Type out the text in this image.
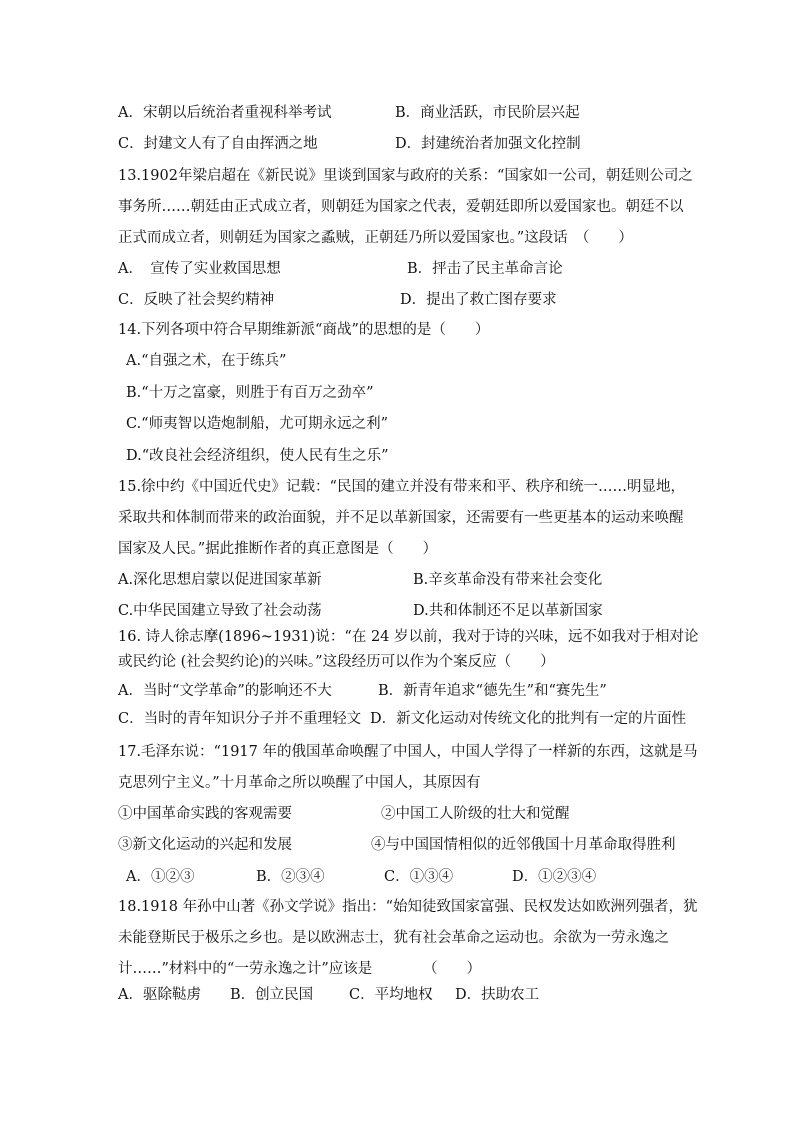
A．宋朝以后统治者重视科举考试	B．商业活跃，市民阶层兴起
C．封建文人有了自由挥洒之地	D．封建统治者加强文化控制
13.1902年梁启超在《新民说》里谈到国家与政府的关系：“国家如一公司，朝廷则公司之
事务所……朝廷由正式成立者，则朝廷为国家之代表，爱朝廷即所以爱国家也。朝廷不以
正式而成立者，则朝廷为国家之蟊贼，正朝廷乃所以爱国家也。”这段话　（　　）
A．　宣传了实业救国思想	B．抨击了民主革命言论
C．反映了社会契约精神	D．提出了救亡图存要求
14.下列各项中符合早期维新派“商战”的思想的是（　　）
A.“自强之术，在于练兵”
B.“十万之富豪，则胜于有百万之劲卒”
C.“师夷智以造炮制船，尤可期永远之利”
D.“改良社会经济组织，使人民有生之乐”
15.徐中约《中国近代史》记载：“民国的建立并没有带来和平、秩序和统一……明显地，
采取共和体制而带来的政治面貌，并不足以革新国家，还需要有一些更基本的运动来唤醒
国家及人民。”据此推断作者的真正意图是（　　）
A.深化思想启蒙以促进国家革新	B.辛亥革命没有带来社会变化
C.中华民国建立导致了社会动荡	D.共和体制还不足以革新国家
16. 诗人徐志摩(1896~1931)说：“在 24 岁以前，我对于诗的兴味，远不如我对于相对论
或民约论 (社会契约论)的兴味。”这段经历可以作为个案反应（　　）
A．当时“文学革命”的影响还不大	B．新青年追求“德先生”和“赛先生”
C．当时的青年知识分子并不重理轻文 D．新文化运动对传统文化的批判有一定的片面性
17.毛泽东说：“1917 年的俄国革命唤醒了中国人，中国人学得了一样新的东西，这就是马
克思列宁主义。”十月革命之所以唤醒了中国人，其原因有
①中国革命实践的客观需要	②中国工人阶级的壮大和觉醒
③新文化运动的兴起和发展	④与中国国情相似的近邻俄国十月革命取得胜利
A．①②③	B．②③④	C．①③④	D．①②③④
18.1918 年孙中山著《孙文学说》指出：“始知徒致国家富强、民权发达如欧洲列强者，犹
未能登斯民于极乐之乡也。是以欧洲志士，犹有社会革命之运动也。余欲为一劳永逸之
计……”材料中的“一劳永逸之计”应该是　　　　（　　）
A．驱除鞑虏 B．创立民国 C．平均地权 D．扶助农工
